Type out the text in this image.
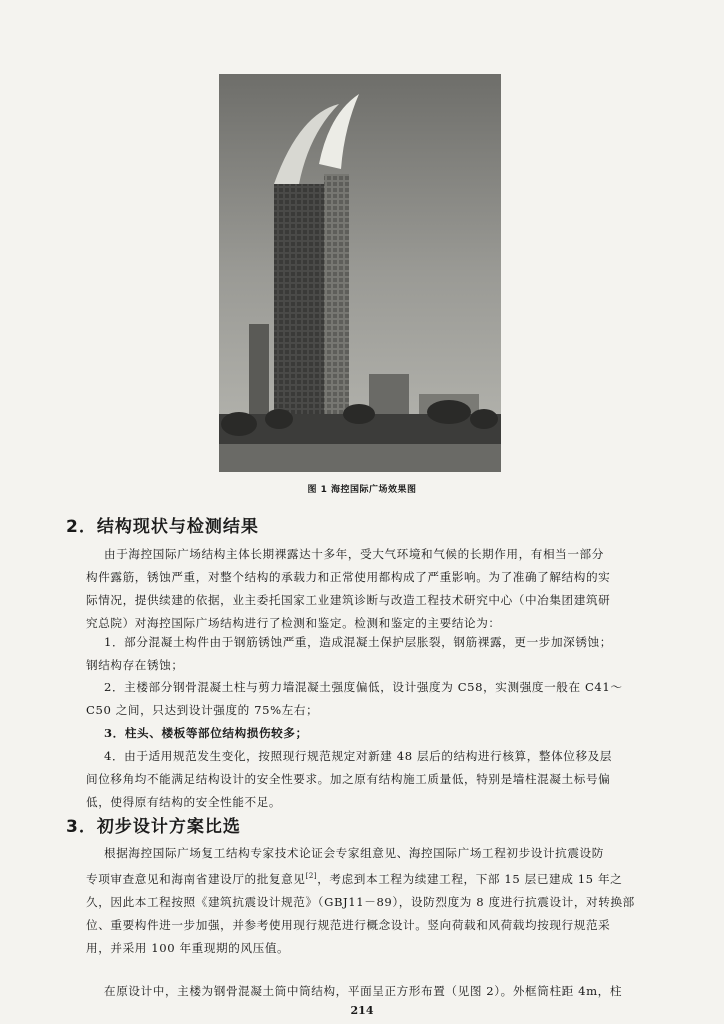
图 1 海控国际广场效果图
2．结构现状与检测结果
由于海控国际广场结构主体长期裸露达十多年，受大气环境和气候的长期作用，有相当一部分
构件露筋，锈蚀严重，对整个结构的承载力和正常使用都构成了严重影响。为了准确了解结构的实
际情况，提供续建的依据，业主委托国家工业建筑诊断与改造工程技术研究中心（中冶集团建筑研
究总院）对海控国际广场结构进行了检测和鉴定。检测和鉴定的主要结论为：
1．部分混凝土构件由于钢筋锈蚀严重，造成混凝土保护层胀裂，钢筋裸露，更一步加深锈蚀；
钢结构存在锈蚀；
2．主楼部分钢骨混凝土柱与剪力墙混凝土强度偏低，设计强度为 C58，实测强度一般在 C41～
C50 之间，只达到设计强度的 75%左右；
3．柱头、楼板等部位结构损伤较多；
4．由于适用规范发生变化，按照现行规范规定对新建 48 层后的结构进行核算，整体位移及层
间位移角均不能满足结构设计的安全性要求。加之原有结构施工质量低，特别是墙柱混凝土标号偏
低，使得原有结构的安全性能不足。
3．初步设计方案比选
根据海控国际广场复工结构专家技术论证会专家组意见、海控国际广场工程初步设计抗震设防
专项审查意见和海南省建设厅的批复意见[2]，考虑到本工程为续建工程，下部 15 层已建成 15 年之
久，因此本工程按照《建筑抗震设计规范》（GBJ11－89），设防烈度为 8 度进行抗震设计，对转换部
位、重要构件进一步加强，并参考使用现行规范进行概念设计。竖向荷载和风荷载均按现行规范采
用，并采用 100 年重现期的风压值。
在原设计中，主楼为钢骨混凝土筒中筒结构，平面呈正方形布置（见图 2）。外框筒柱距 4m，柱
214
